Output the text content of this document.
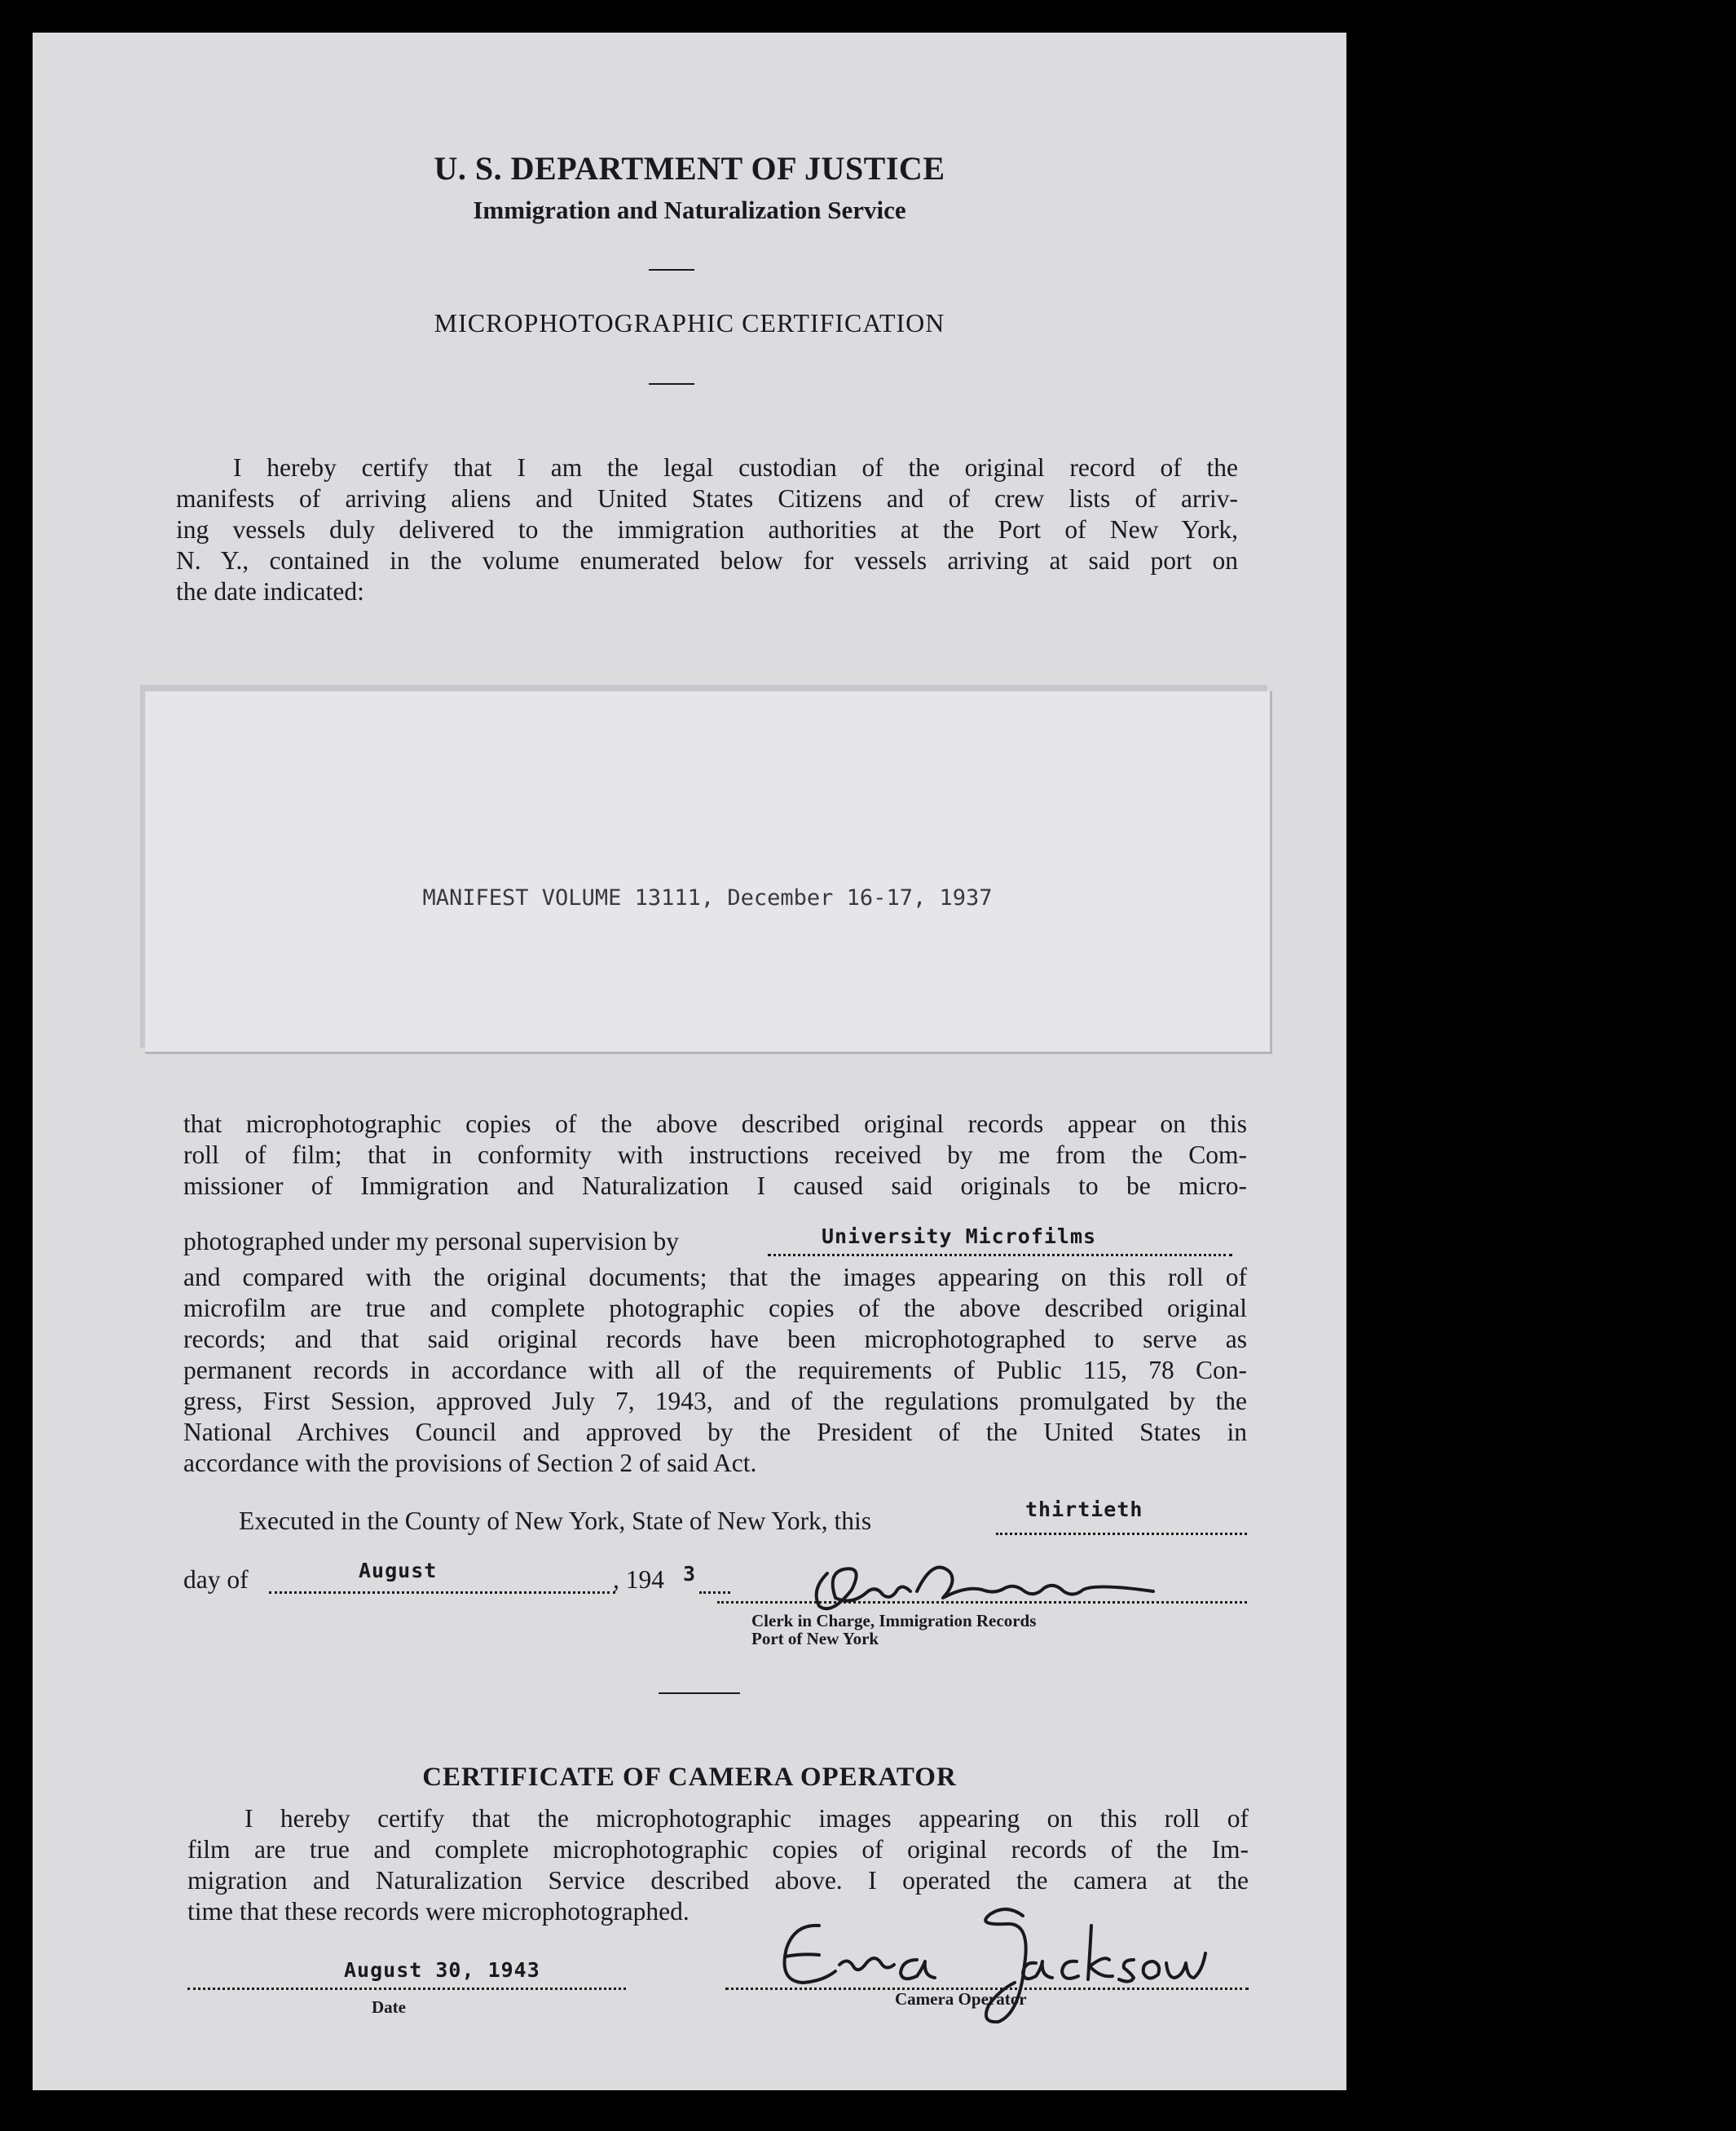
U. S. DEPARTMENT OF JUSTICE
Immigration and Naturalization Service
MICROPHOTOGRAPHIC CERTIFICATION
I hereby certify that I am the legal custodian of the original record of the
manifests of arriving aliens and United States Citizens and of crew lists of arriv-
ing vessels duly delivered to the immigration authorities at the Port of New York,
N. Y., contained in the volume enumerated below for vessels arriving at said port on
the date indicated:
MANIFEST VOLUME 13111, December 16-17, 1937
that microphotographic copies of the above described original records appear on this
roll of film; that in conformity with instructions received by me from the Com-
missioner of Immigration and Naturalization I caused said originals to be micro-
photographed under my personal supervision by	University Microfilms
and compared with the original documents; that the images appearing on this roll of
microfilm are true and complete photographic copies of the above described original
records; and that said original records have been microphotographed to serve as
permanent records in accordance with all of the requirements of Public 115, 78 Con-
gress, First Session, approved July 7, 1943, and of the regulations promulgated by the
National Archives Council and approved by the President of the United States in
accordance with the provisions of Section 2 of said Act.
Executed in the County of New York, State of New York, this	thirtieth
day of	August	, 194 3
Clerk in Charge, Immigration Records
Port of New York
CERTIFICATE OF CAMERA OPERATOR
I hereby certify that the microphotographic images appearing on this roll of
film are true and complete microphotographic copies of original records of the Im-
migration and Naturalization Service described above. I operated the camera at the
time that these records were microphotographed.
August 30, 1943
Date	Camera Operator
